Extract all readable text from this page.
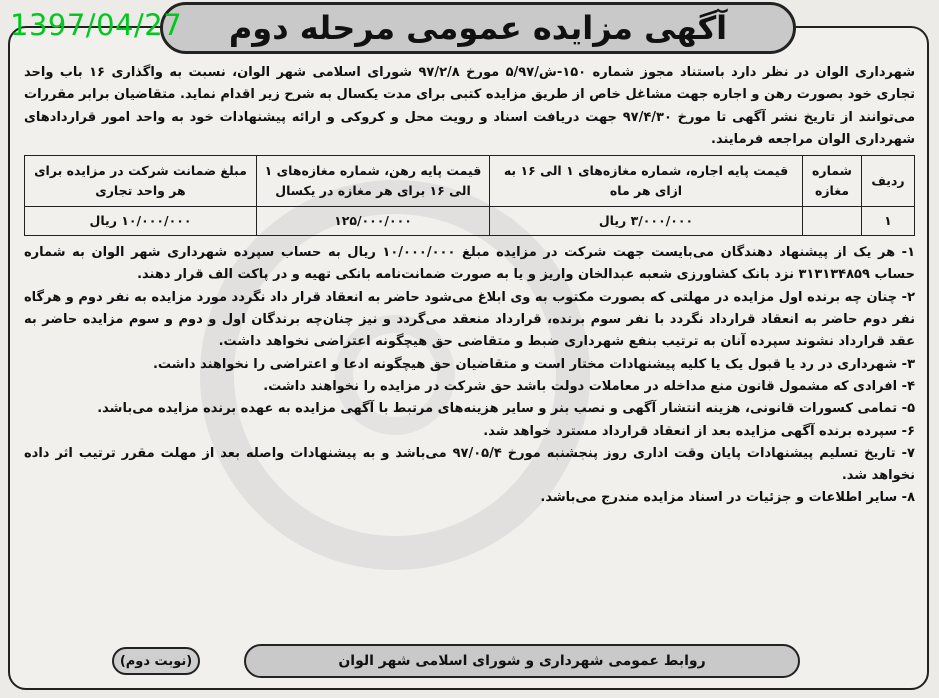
1397/04/27 آگهی مزایده عمومی مرحله دوم

شهرداری الوان در نظر دارد باستناد مجوز شماره ۱۵۰-ش/۵/۹۷ مورخ ۹۷/۲/۸ شورای اسلامی شهر الوان، نسبت به واگذاری ۱۶ باب واحد تجاری خود بصورت رهن و اجاره جهت مشاغل خاص از طریق مزایده کتبی برای مدت یکسال به شرح زیر اقدام نماید. متقاضیان برابر مقررات می‌توانند از تاریخ نشر آگهی تا مورخ ۹۷/۴/۳۰ جهت دریافت اسناد و رویت محل و کروکی و ارائه پیشنهادات خود به واحد امور قراردادهای شهرداری الوان مراجعه فرمایند.

ردیف	شماره مغازه	قیمت پایه اجاره، شماره مغازه‌های ۱ الی ۱۶ به ازای هر ماه	قیمت پایه رهن، شماره مغازه‌های ۱ الی ۱۶ برای هر مغازه در یکسال	مبلغ ضمانت شرکت در مزایده برای هر واحد تجاری
۱		۳/۰۰۰/۰۰۰ ریال	۱۲۵/۰۰۰/۰۰۰	۱۰/۰۰۰/۰۰۰ ریال

۱- هر یک از پیشنهاد دهندگان می‌بایست جهت شرکت در مزایده مبلغ ۱۰/۰۰۰/۰۰۰ ریال به حساب سپرده شهرداری شهر الوان به شماره حساب ۳۱۳۱۳۴۸۵۹ نزد بانک کشاورزی شعبه عبدالخان واریز و یا به صورت ضمانت‌نامه بانکی تهیه و در پاکت الف قرار دهند.

۲- چنان چه برنده اول مزایده در مهلتی که بصورت مکتوب به وی ابلاغ می‌شود حاضر به انعقاد قرار داد نگردد مورد مزایده به نفر دوم و هرگاه نفر دوم حاضر به انعقاد قرارداد نگردد با نفر سوم برنده، قرارداد منعقد می‌گردد و نیز چنان‌چه برندگان اول و دوم و سوم مزایده حاضر به عقد قرارداد نشوند سپرده آنان به ترتیب بنفع شهرداری ضبط و متقاضی حق هیچگونه اعتراضی نخواهد داشت.

۳- شهرداری در رد یا قبول یک یا کلیه پیشنهادات مختار است و متقاضیان حق هیچگونه ادعا و اعتراضی را نخواهند داشت.

۴- افرادی که مشمول قانون منع مداخله در معاملات دولت باشد حق شرکت در مزایده را نخواهند داشت.

۵- تمامی کسورات قانونی، هزینه انتشار آگهی و نصب بنر و سایر هزینه‌های مرتبط با آگهی مزایده به عهده برنده مزایده می‌باشد.

۶- سپرده برنده آگهی مزایده بعد از انعقاد قرارداد مسترد خواهد شد.

۷- تاریخ تسلیم پیشنهادات پایان وقت اداری روز پنجشنبه مورخ ۹۷/۰۵/۴ می‌باشد و به پیشنهادات واصله بعد از مهلت مقرر ترتیب اثر داده نخواهد شد.

۸- سایر اطلاعات و جزئیات در اسناد مزایده مندرج می‌باشد.

روابط عمومی شهرداری و شورای اسلامی شهر الوان
(نوبت دوم)
